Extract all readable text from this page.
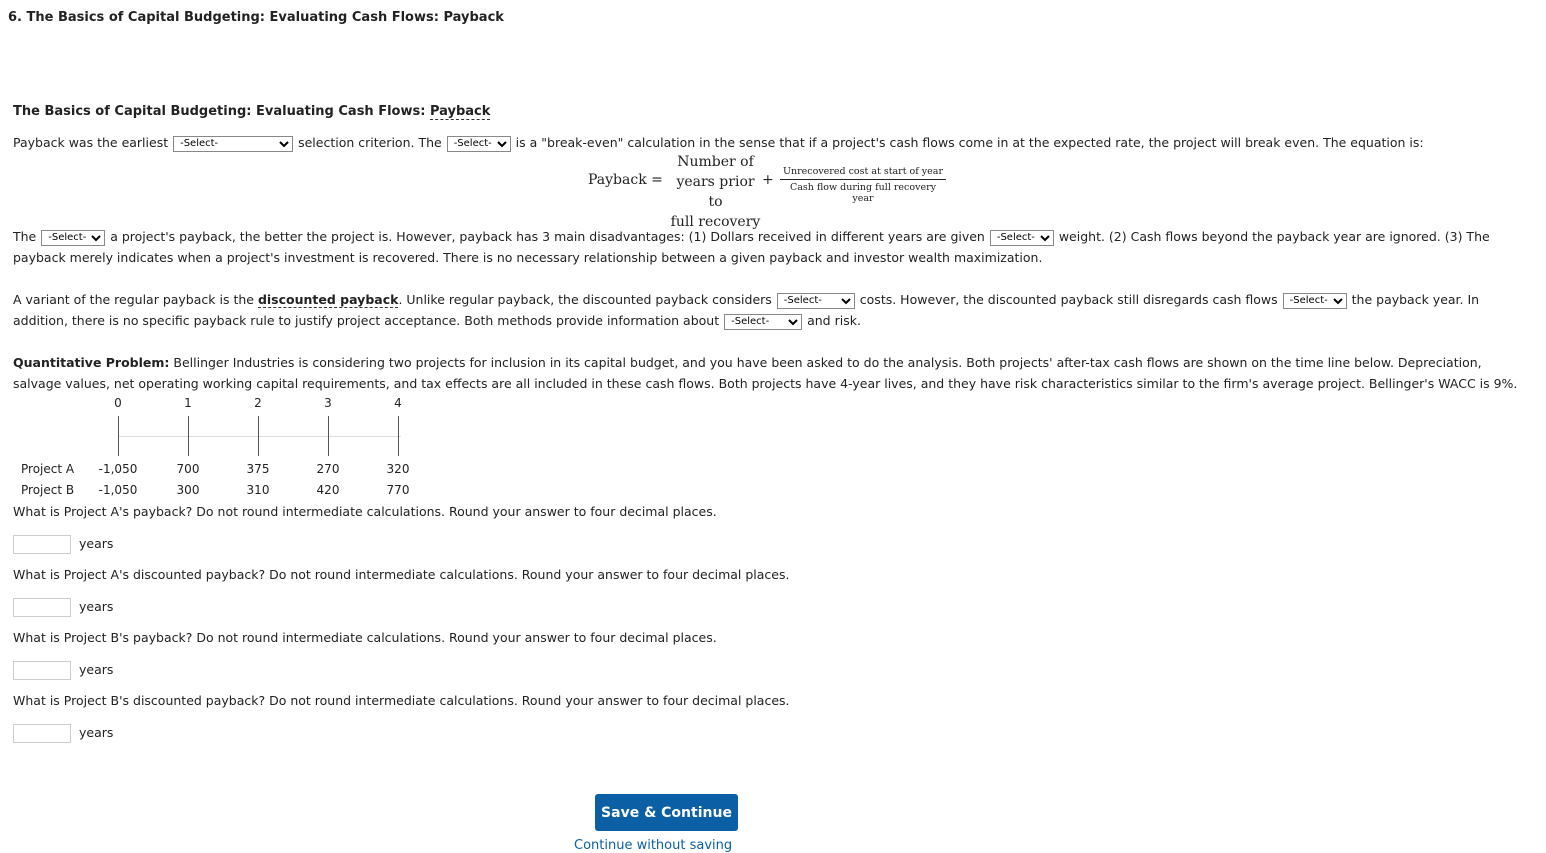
6. The Basics of Capital Budgeting: Evaluating Cash Flows: Payback
The Basics of Capital Budgeting: Evaluating Cash Flows: Payback
Payback was the earliest
-Select-	selection criterion. The
-Select-	is a "break-even" calculation in the sense that if a project's cash flows come in at the expected rate, the project will break even. The equation is:
Payback =
Number of
years prior to
full recovery
+
Unrecovered cost at start of year
Cash flow during full recovery year
The
-Select-	a project's payback, the better the project is. However, payback has 3 main disadvantages: (1) Dollars received in different years are given
-Select-	weight. (2) Cash flows beyond the payback year are ignored. (3) The payback merely indicates when a project's investment is recovered. There is no necessary relationship between a given payback and investor wealth maximization.
A variant of the regular payback is the discounted payback. Unlike regular payback, the discounted payback considers
-Select-	costs. However, the discounted payback still disregards cash flows
-Select-	the payback year. In addition, there is no specific payback rule to justify project acceptance. Both methods provide information about
-Select-	and risk.
Quantitative Problem: Bellinger Industries is considering two projects for inclusion in its capital budget, and you have been asked to do the analysis. Both projects' after-tax cash flows are shown on the time line below. Depreciation, salvage values, net operating working capital requirements, and tax effects are all included in these cash flows. Both projects have 4-year lives, and they have risk characteristics similar to the firm's average project. Bellinger's WACC is 9%.
0	1	2	3	4
Project A	-1,050	700	375	270	320
Project B	-1,050	300	310	420	770
What is Project A's payback? Do not round intermediate calculations. Round your answer to four decimal places.
years
What is Project A's discounted payback? Do not round intermediate calculations. Round your answer to four decimal places.
years
What is Project B's payback? Do not round intermediate calculations. Round your answer to four decimal places.
years
What is Project B's discounted payback? Do not round intermediate calculations. Round your answer to four decimal places.
years
Save & Continue
Continue without saving
